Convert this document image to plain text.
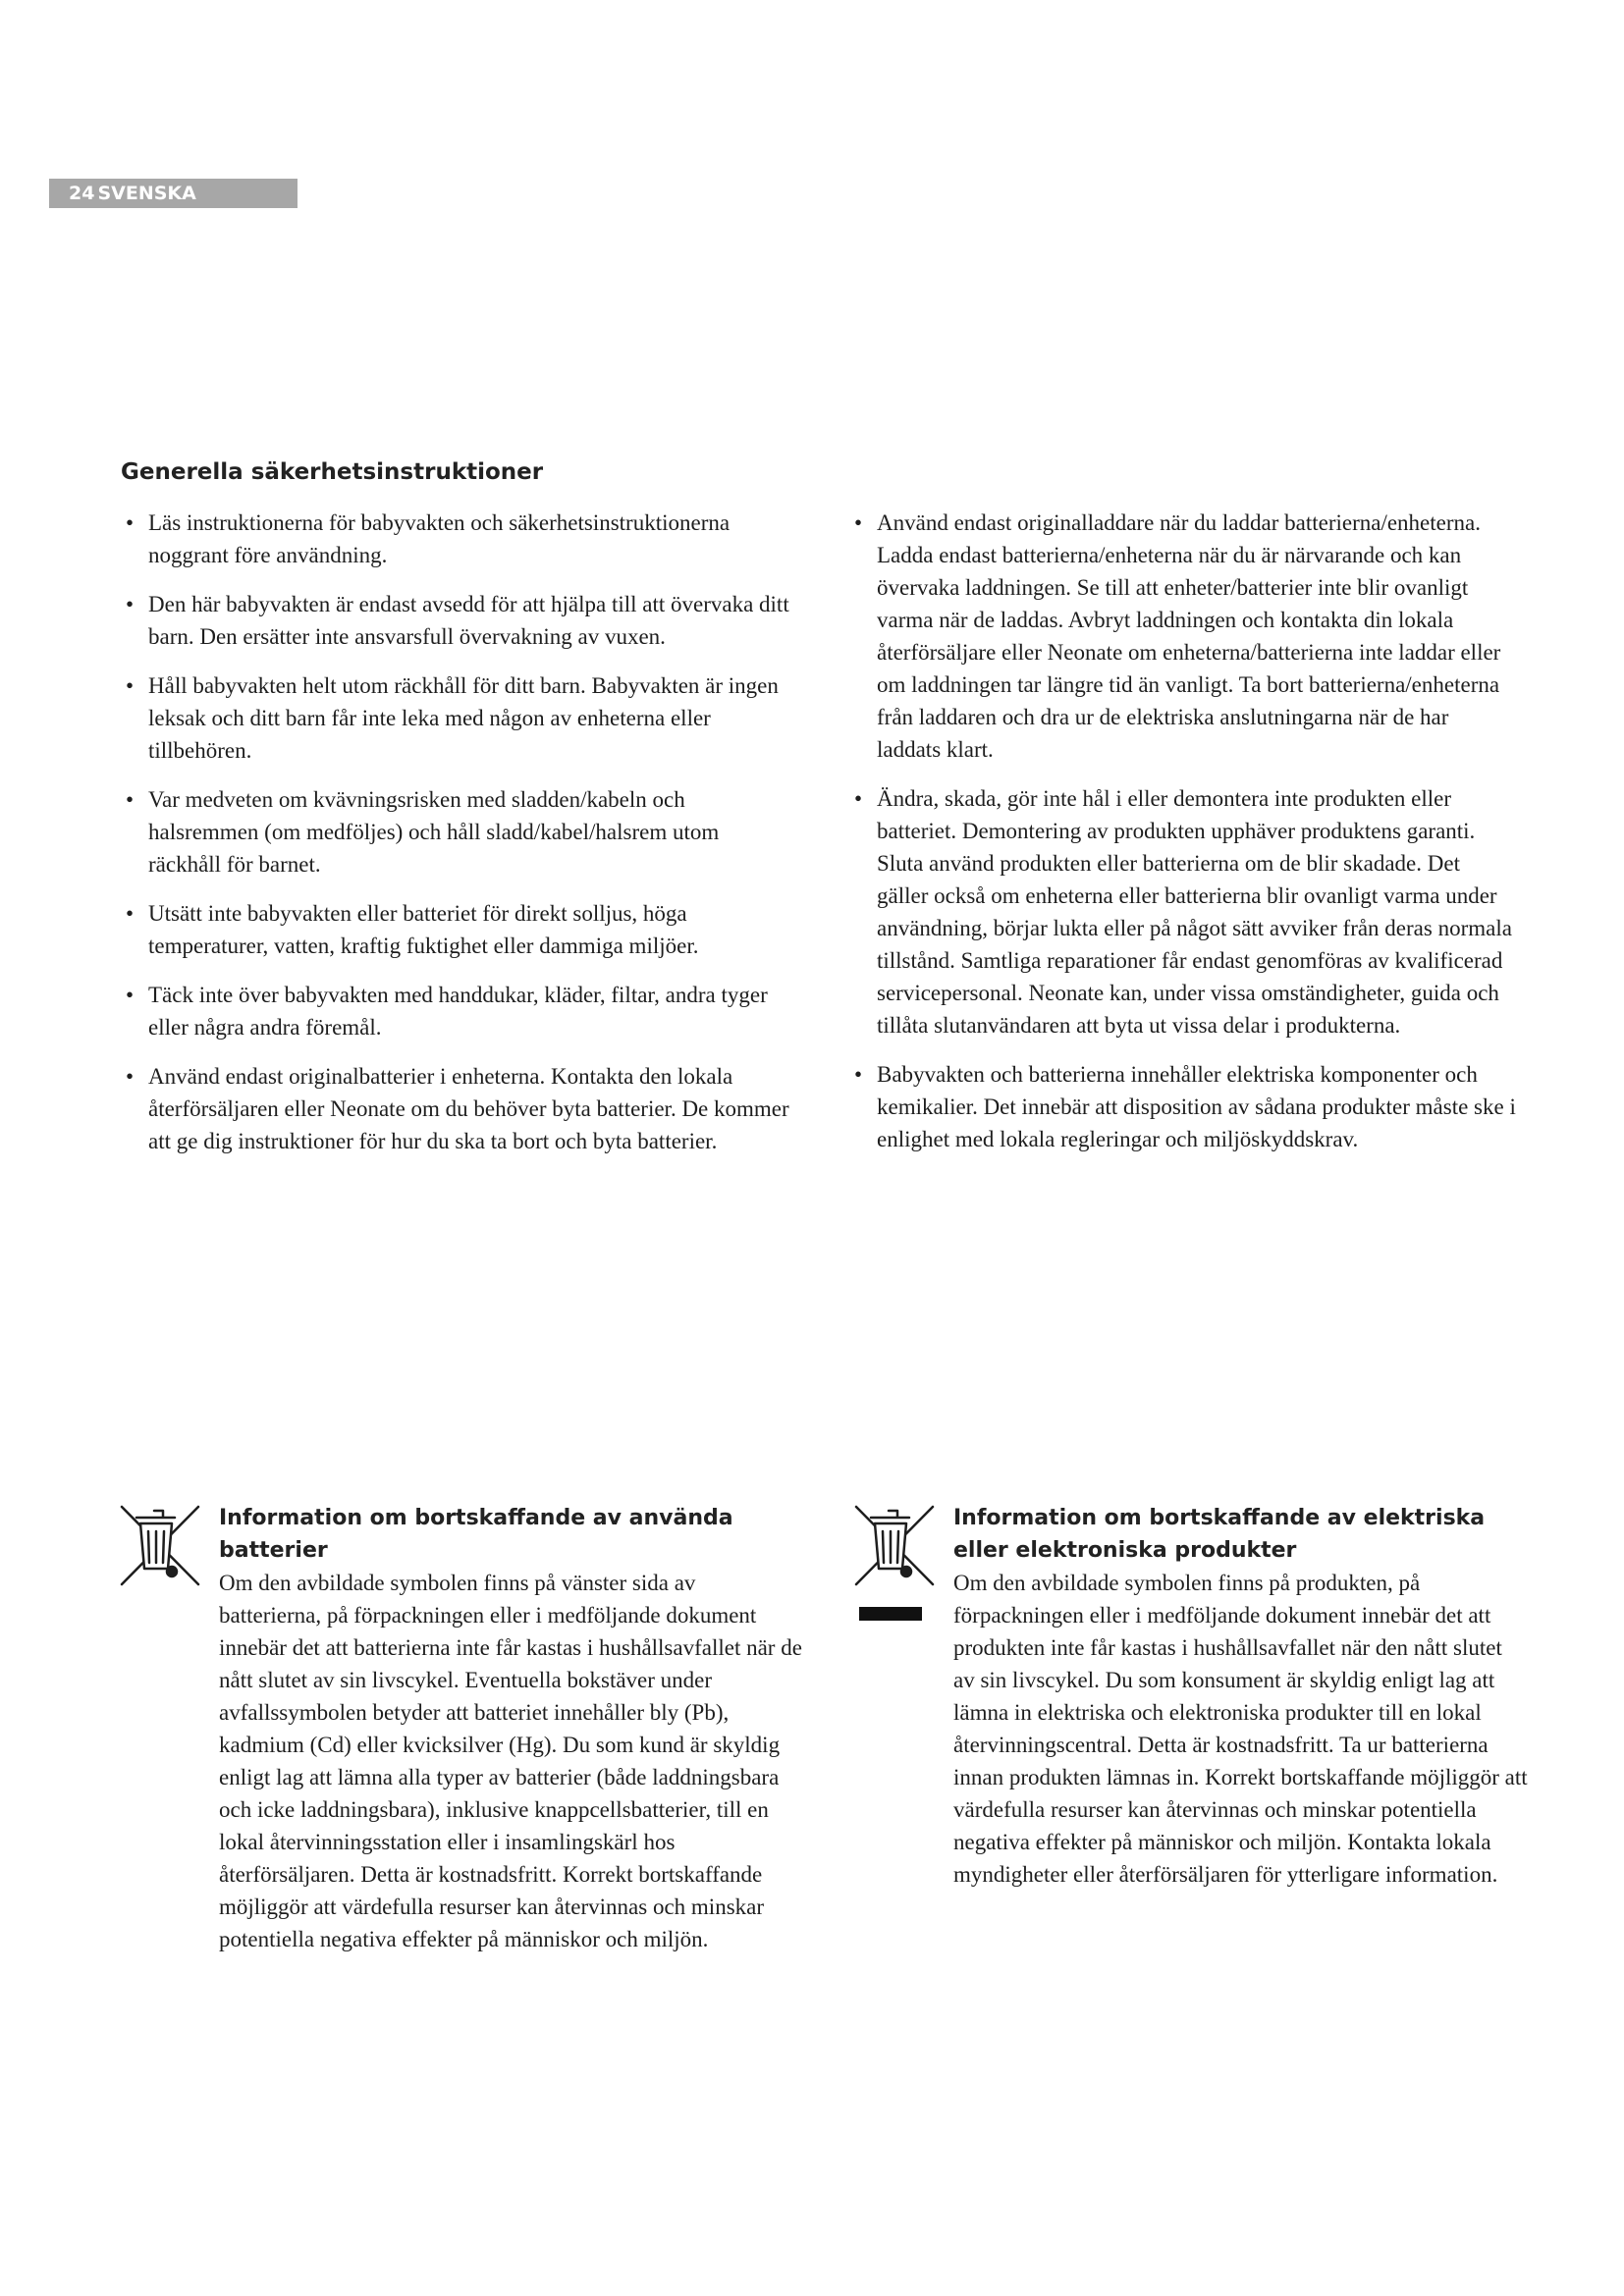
24 SVENSKA
Generella säkerhetsinstruktioner
• Läs instruktionerna för babyvakten och säkerhetsinstruktionerna noggrant före användning.
• Den här babyvakten är endast avsedd för att hjälpa till att övervaka ditt barn. Den ersätter inte ansvarsfull övervakning av vuxen.
• Håll babyvakten helt utom räckhåll för ditt barn. Babyvakten är ingen leksak och ditt barn får inte leka med någon av enheterna eller tillbehören.
• Var medveten om kvävningsrisken med sladden/kabeln och halsremmen (om medföljes) och håll sladd/kabel/halsrem utom räckhåll för barnet.
• Utsätt inte babyvakten eller batteriet för direkt solljus, höga temperaturer, vatten, kraftig fuktighet eller dammiga miljöer.
• Täck inte över babyvakten med handdukar, kläder, filtar, andra tyger eller några andra föremål.
• Använd endast originalbatterier i enheterna. Kontakta den lokala återförsäljaren eller Neonate om du behöver byta batterier. De kommer att ge dig instruktioner för hur du ska ta bort och byta batterier.
• Använd endast originalladdare när du laddar batterierna/enheterna. Ladda endast batterierna/enheterna när du är närvarande och kan övervaka laddningen. Se till att enheter/batterier inte blir ovanligt varma när de laddas. Avbryt laddningen och kontakta din lokala återförsäljare eller Neonate om enheterna/batterierna inte laddar eller om laddningen tar längre tid än vanligt. Ta bort batterierna/enheterna från laddaren och dra ur de elektriska anslutningarna när de har laddats klart.
• Ändra, skada, gör inte hål i eller demontera inte produkten eller batteriet. Demontering av produkten upphäver produktens garanti. Sluta använd produkten eller batterierna om de blir skadade. Det gäller också om enheterna eller batterierna blir ovanligt varma under användning, börjar lukta eller på något sätt avviker från deras normala tillstånd. Samtliga reparationer får endast genomföras av kvalificerad servicepersonal. Neonate kan, under vissa omständigheter, guida och tillåta slutanvändaren att byta ut vissa delar i produkterna.
• Babyvakten och batterierna innehåller elektriska komponenter och kemikalier. Det innebär att disposition av sådana produkter måste ske i enlighet med lokala regleringar och miljöskyddskrav.
Information om bortskaffande av använda batterier

Om den avbildade symbolen finns på vänster sida av batterierna, på förpackningen eller i medföljande dokument innebär det att batterierna inte får kastas i hushållsavfallet när de nått slutet av sin livscykel. Eventuella bokstäver under avfallssymbolen betyder att batteriet innehåller bly (Pb), kadmium (Cd) eller kvicksilver (Hg). Du som kund är skyldig enligt lag att lämna alla typer av batterier (både laddningsbara och icke laddningsbara), inklusive knappcellsbatterier, till en lokal återvinningsstation eller i insamlingskärl hos återförsäljaren. Detta är kostnadsfritt. Korrekt bortskaffande möjliggör att värdefulla resurser kan återvinnas och minskar potentiella negativa effekter på människor och miljön.

Information om bortskaffande av elektriska eller elektroniska produkter

Om den avbildade symbolen finns på produkten, på förpackningen eller i medföljande dokument innebär det att produkten inte får kastas i hushållsavfallet när den nått slutet av sin livscykel. Du som konsument är skyldig enligt lag att lämna in elektriska och elektroniska produkter till en lokal återvinningscentral. Detta är kostnadsfritt. Ta ur batterierna innan produkten lämnas in. Korrekt bortskaffande möjliggör att värdefulla resurser kan återvinnas och minskar potentiella negativa effekter på människor och miljön. Kontakta lokala myndigheter eller återförsäljaren för ytterligare information.
